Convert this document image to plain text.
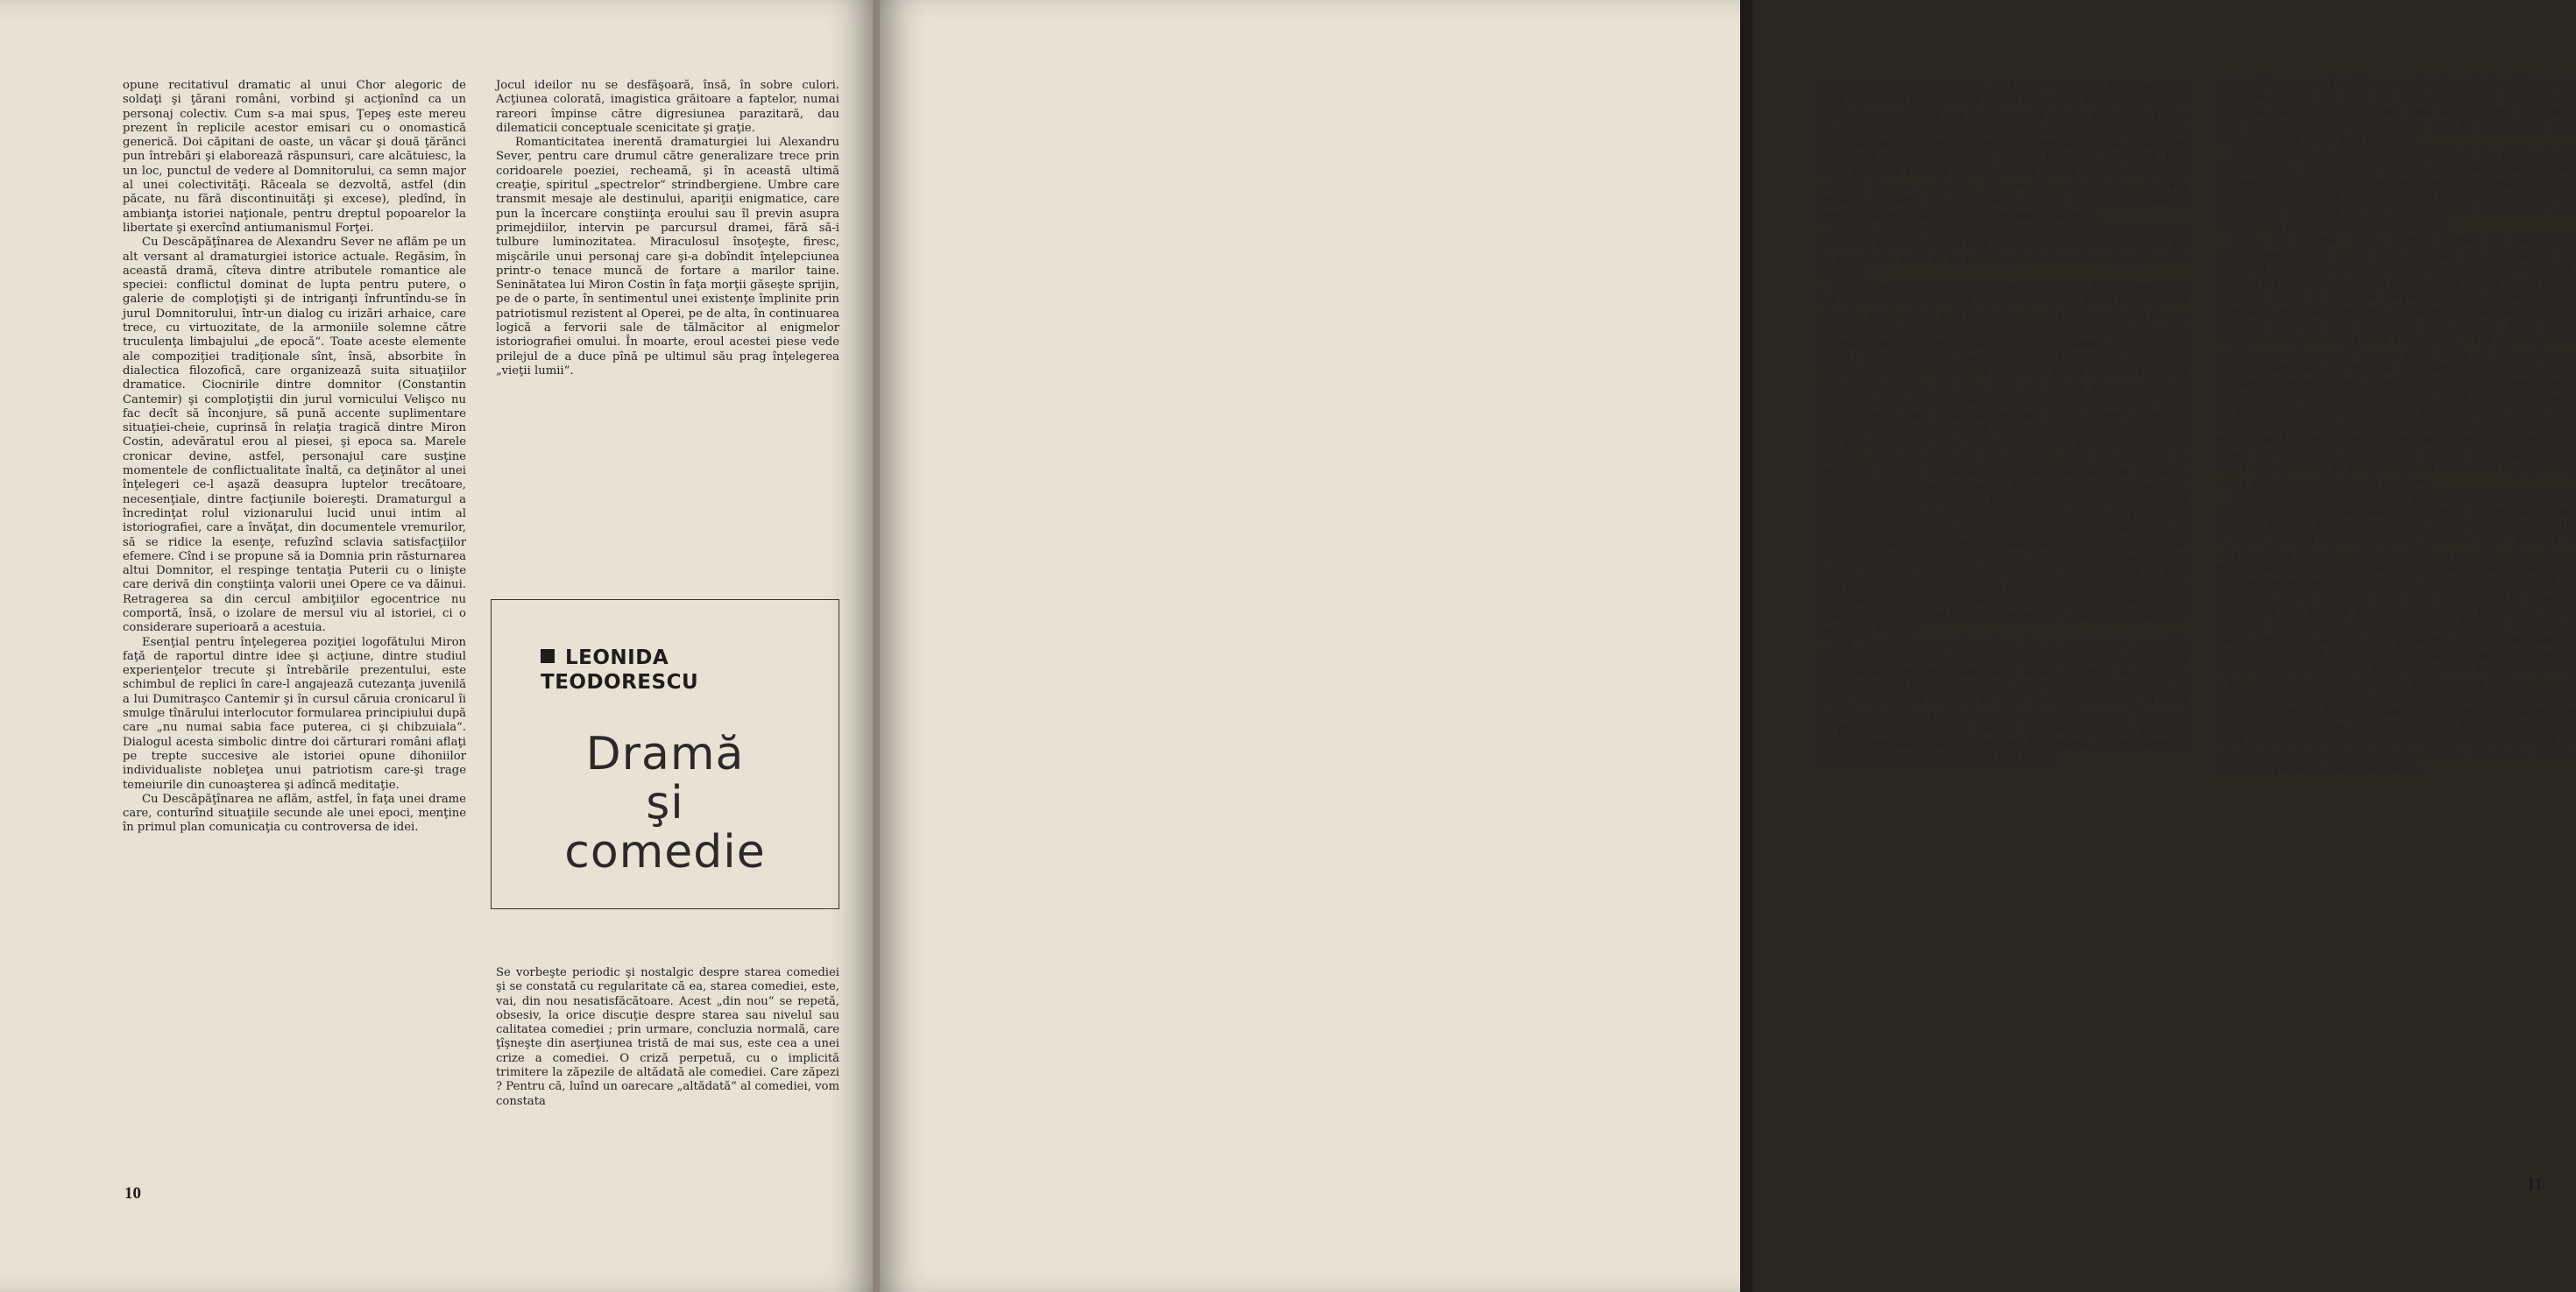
opune recitativul dramatic al unui Chor alegoric de soldaţi şi ţărani români, vorbind şi acţionînd ca un personaj colectiv. Cum s-a mai spus, Ţepeş este mereu prezent în replicile acestor emisari cu o onomastică generică. Doi căpitani de oaste, un văcar şi două ţărănci pun întrebări şi elaborează răspunsuri, care alcătuiesc, la un loc, punctul de vedere al Domnitorului, ca semn major al unei colectivităţi. Răceala se dezvoltă, astfel (din păcate, nu fără discontinuităţi şi excese), pledînd, în ambianţa istoriei naţionale, pentru dreptul popoarelor la libertate şi exercînd antiumanismul Forţei.

Cu Descăpăţînarea de Alexandru Sever ne aflăm pe un alt versant al dramaturgiei istorice actuale. Regăsim, în această dramă, cîteva dintre atributele romantice ale speciei: conflictul dominat de lupta pentru putere, o galerie de comploţişti şi de intriganţi înfruntîndu-se în jurul Domnitorului, într-un dialog cu irizări arhaice, care trece, cu virtuozitate, de la armoniile solemne către truculenţa limbajului „de epocă“. Toate aceste elemente ale compoziţiei tradiţionale sînt, însă, absorbite în dialectica filozofică, care organizează suita situaţiilor dramatice. Ciocnirile dintre domnitor (Constantin Cantemir) şi comploţiştii din jurul vornicului Velişco nu fac decît să înconjure, să pună accente suplimentare situaţiei-cheie, cuprinsă în relaţia tragică dintre Miron Costin, adevăratul erou al piesei, şi epoca sa. Marele cronicar devine, astfel, personajul care susţine momentele de conflictualitate înaltă, ca deţinător al unei înţelegeri ce-l aşază deasupra luptelor trecătoare, necesenţiale, dintre facţiunile boiereşti. Dramaturgul a încredinţat rolul vizionarului lucid unui intim al istoriografiei, care a învăţat, din documentele vremurilor, să se ridice la esenţe, refuzînd sclavia satisfacţiilor efemere. Cînd i se propune să ia Domnia prin răsturnarea altui Domnitor, el respinge tentaţia Puterii cu o linişte care derivă din conştiinţa valorii unei Opere ce va dăinui. Retragerea sa din cercul ambiţiilor egocentrice nu comportă, însă, o izolare de mersul viu al istoriei, ci o considerare superioară a acestuia.

Esenţial pentru înţelegerea poziţiei logofătului Miron faţă de raportul dintre idee şi acţiune, dintre studiul experienţelor trecute şi întrebările prezentului, este schimbul de replici în care-l angajează cutezanţa juvenilă a lui Dumitraşco Cantemir şi în cursul căruia cronicarul îi smulge tînărului interlocutor formularea principiului după care „nu numai sabia face puterea, ci şi chibzuiala“. Dialogul acesta simbolic dintre doi cărturari români aflaţi pe trepte succesive ale istoriei opune dihoniilor individualiste nobleţea unui patriotism care-şi trage temeiurile din cunoaşterea şi adîncă meditaţie.

Cu Descăpăţînarea ne aflăm, astfel, în faţa unei drame care, conturînd situaţiile secunde ale unei epoci, menţine în primul plan comunicaţia cu controversa de idei.

Jocul ideilor nu se desfăşoară, însă, în sobre culori. Acţiunea colorată, imagistica grăitoare a faptelor, numai rareori împinse către digresiunea parazitară, dau dilematicii conceptuale scenicitate şi graţie.

Romanticitatea inerentă dramaturgiei lui Alexandru Sever, pentru care drumul către generalizare trece prin coridoarele poeziei, recheamă, şi în această ultimă creaţie, spiritul „spectrelor“ strindbergiene. Umbre care transmit mesaje ale destinului, apariţii enigmatice, care pun la încercare conştiinţa eroului sau îl previn asupra primejdiilor, intervin pe parcursul dramei, fără să-i tulbure luminozitatea. Miraculosul însoţeşte, firesc, mişcările unui personaj care şi-a dobîndit înţelepciunea printr-o tenace muncă de fortare a marilor taine. Seninătatea lui Miron Costin în faţa morţii găseşte sprijin, pe de o parte, în sentimentul unei existenţe împlinite prin patriotismul rezistent al Operei, pe de alta, în continuarea logică a fervorii sale de tălmăcitor al enigmelor istoriografiei omului. În moarte, eroul acestei piese vede prilejul de a duce pînă pe ultimul său prag înţelegerea „vieţii lumii“.

LEONIDA
TEODORESCU
Dramă
şi
comedie

Se vorbeşte periodic şi nostalgic despre starea comediei şi se constată cu regularitate că ea, starea comediei, este, vai, din nou nesatisfăcătoare. Acest „din nou“ se repetă, obsesiv, la orice discuţie despre starea sau nivelul sau calitatea comediei ; prin urmare, concluzia normală, care ţîşneşte din aserţiunea tristă de mai sus, este cea a unei crize a comediei. O criză perpetuă, cu o implicită trimitere la zăpezile de altădată ale comediei. Care zăpezi ? Pentru că, luînd un oarecare „altădată“ al comediei, vom constata

10

că şi contemporanii acelui „altădată“ vorbeau tot despre o criză a comediei şi gîndeau tot cu nostalgie, tot la zăpezile de altădată, care zăpezi par, însă, a nu fi existat niciodată. Chiar aşa o fi ? Chiar să nu fi fost niciodată omenirea satisfăcută de comediografii pe care i-a avut la îndemînă ? Dacă e să luăm cunoştinţă de opinia publică scrisă, lucrurile par să fi fost chiar aşa. Dar aceeaşi opinie publică scrisă vorbeşte cu multă umilinţă despre comediile şi comediografii din trecut. Prin urmare, comedia n-a avut decît trecut, n-a avut niciodată prezent, iar viitorul, ce să mai vorbim despre el...

Există, oare, o explicaţie a acestei stări de lucruri ? Există chiar mai multe, poate, chiar foarte multe, dar majoritatea ţin de sociologia artei şi de psihologia ei, iar cele mai puţine, de estetică.

De primele două categorii ţine o anume atitudine generală faţă de comedie. Aristotel, încă, ierarhizînd genurile, a plasat tragedia pe locul cel mai înalt. În primul rînd, pentru că e ceva grav, unde se suferă, unde se consumă catharsis-ul etc., etc. Tragedia este ceva serios, la care te duci odihnit, apt pentru a asimila lucruri elevate, iar la comedie te duci ca să te mai destinzi, să te binedispui, să petreci o seară agreabilă şi fără prea mare bătaie de cap. Intîi să rîdem şi pe urmă să filozofăm, deci. Astfel, comedia devine un fel de pauză între două tragedii, sau două drame, sau două „piese“. Cînd nu avem ceva mai bun de făcut, sau nu sîntem în stare de ceva mai bun, mergem la o comedie. Astfel, atitudinea faţă de comedie, faţă de orice fel de comedie, faţă de comedie, în principiu, repetă atitudinea faţă de literatura de consum. Marele păcat al comediei pare a fi, din acest punct de vedere, imensul ei succes de public. Pentru foarte multă lume, pentru mult mai multă lume decît pare la prima vedere, un succes de public exagerat denotă, aprioric, lipsa unor calităţi serioase, în orice caz, lipsa unei autentice preocupări de profunzime. Chiar şi cei care scriu şi vorbesc despre „marele nostru public“, ca despre „arbitrul nostru suprem“, devin circumspecţi în faţa unui imens succes de casă. Sub aspect axiologic, oricît ar suna de ciudat, un autentic succes de public poate să şi compromită o lucrare, şi nu numai în ochii „avizaţilor“, dar şi în ochii celor mai puţin avizaţi.

Iar succesul comediei ţine de o categorie specială, compromiţătoare prin ea însăşi. Te duci la Labiche, nu pentru că Labiche scrie mai bine decît Ibsen, te duci la Labiche, pentru că Labiche scrie comedii. Este un succes al genului, şi nu al unei valori anume, al unui prestigiu anume, al unei tendinţe (estetice, politice, psihologice etc.) anume. Succesul de public este asigurat, uneori, în egală măsură, şi de o comedie genială şi de una extrem de proastă, despre care se spune, cu dezinvoltură, că mai rău nu se

poate. E o eroare. Întotdeauna e loc de mai rău. Este exact tipul de succes pe care l-a avut sau îl are romanul de senzaţie, de aventuri, poliţist, cînd se consumă în primul rînd genul, iar abia în al doilea sau în al cincilea rînd autorul, opera şi aşa mai departe.

Tipul acesta de succes compromite şi nu poate să nu compromită : nu un autor anume (din trecut), nu o piesă anume (din trecut). Compromis e genul, în ansamblul său, genul, în principiu. Îi iubim pe marii clasici ai comediei, dar dispreţuim comedia şi pe comediografi. Iată unde sînt zăpezile de altădată. Dar de unde vin ?

Vin, în primul rînd, dintr-o lipsă de siguranţă. Instrumentele de lucru sînt, într-un fel, buimăcite de succesul de public, un succes aşteptat, asigurat, predestinat. Sînt ca nişte barometre date peste cap. E vorba de un tip de naştere. Dacă o prinţesă naşte un copil, copilul va fi, inevitabil, prinţ sau prinţesă. Un anume succes (de nume, de situaţie etc.) îi este asigurat. Mai rămîn, însă, nişte incertitudini : ce va ieşi din acest copil ? Un geniu sau un mediocru, o frumoasă sau o slută ? Ca să dăm răspuns acestor întrebări, ne trebuie un singur lucru: timp. După douăzeci, treizeci de ani, le vom şti pe toate. Evident, aceste lucruri se vor şti despre orice copil, după aceeaşi perioadă de timp. Dar, în primul caz, un anume succes social este asigurat din naştere, iar în cel de-al doilea, de activitatea de mai tîrziu. În cazul unor eşecuri egale, prinţul va rămîne tot prinţ, iar anonimul, tot anonim. Prinţul n-are de cîştigat decît nişte galoane în plus, anonimul trebuie să cîştige totul, chiar şi un nume. Pentru că nu-l are.

O dramă trebuie să-şi cîştige publicul în urma unui efort, trebuie să-şi constituie publicul propriu ; o comedie îşi are publicul înainte de a se naşte. Dar, printr-o ciudată evoluţie a unor situaţii asemănătoare, comedia n-a devenit o aristocrată a dramaturgiei, ci o plebe a acesteia. Apropierea tipului de succes al comediei de tipul de succes al literaturii de consum ne face neîncrezători, nu în primul rînd faţă de comedie, ci în primul rînd faţă de propriile noastre posibilităţi de analiză şi de apreciere. Şi pentru că am fi înclinaţi să apreciem nejustificat comedia (am petrecut o seară agreabilă, am rîs), dar şi pentru că am fi înclinaţi să depreciem în mod nejustificat comedia (am petrecut o seară agreabilă, am rîs, şi atît). Şi, atunci, prima tentaţie este cea a expectativei, care, în cazul de faţă, are un dublu sens : al neîncrederii explicite faţă de gen şi al neîncrederii implicite faţă de noi înşine, faţă de capacitatea noastră de a disocia ce este paradramaturgia, de ceea ce pare a fi paradramaturgia, de a disocia ceea ce este literatura de consum, de ceea ce are doar semnele literaturii de consum. Şi nu ne rămîne decît să aşteptăm. Zece, douăzeci,

11
